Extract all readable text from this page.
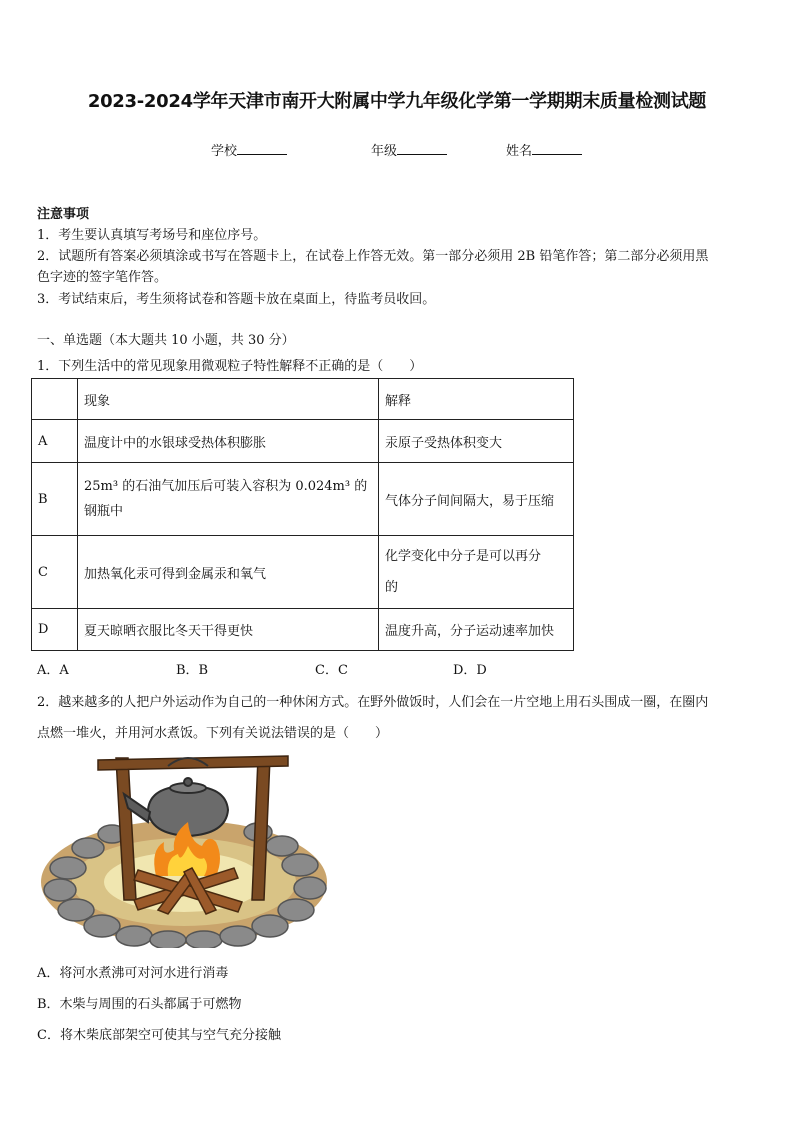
2023-2024学年天津市南开大附属中学九年级化学第一学期期末质量检测试题
学校	年级	姓名
注意事项
1．考生要认真填写考场号和座位序号。
2．试题所有答案必须填涂或书写在答题卡上，在试卷上作答无效。第一部分必须用 2B 铅笔作答；第二部分必须用黑
色字迹的签字笔作答。
3．考试结束后，考生须将试卷和答题卡放在桌面上，待监考员收回。
一、单选题（本大题共 10 小题，共 30 分）
1．下列生活中的常见现象用微观粒子特性解释不正确的是（　　）
	现象	解释
A	温度计中的水银球受热体积膨胀	汞原子受热体积变大
B	25m³ 的石油气加压后可装入容积为 0.024m³ 的
钢瓶中	气体分子间间隔大，易于压缩
C	加热氧化汞可得到金属汞和氧气	化学变化中分子是可以再分
的

D	夏天晾晒衣服比冬天干得更快	温度升高，分子运动速率加快
A．A	B．B	C．C	D．D
2．越来越多的人把户外运动作为自己的一种休闲方式。在野外做饭时，人们会在一片空地上用石头围成一圈，在圈内
点燃一堆火，并用河水煮饭。下列有关说法错误的是（　　）
A．将河水煮沸可对河水进行消毒
B．木柴与周围的石头都属于可燃物
C．将木柴底部架空可使其与空气充分接触
